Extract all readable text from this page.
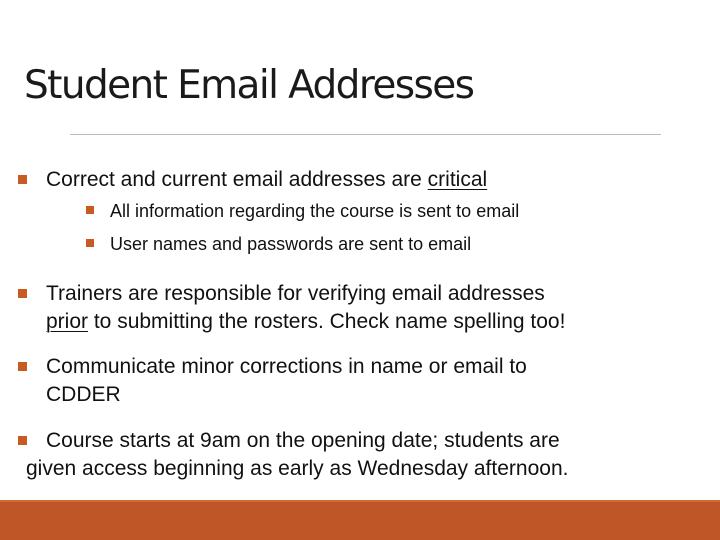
Student Email Addresses
Correct and current email addresses are critical
All information regarding the course is sent to email
User names and passwords are sent to email
Trainers are responsible for verifying email addresses
prior to submitting the rosters. Check name spelling too!
Communicate minor corrections in name or email to
CDDER
Course starts at 9am on the opening date; students are
given access beginning as early as Wednesday afternoon.
